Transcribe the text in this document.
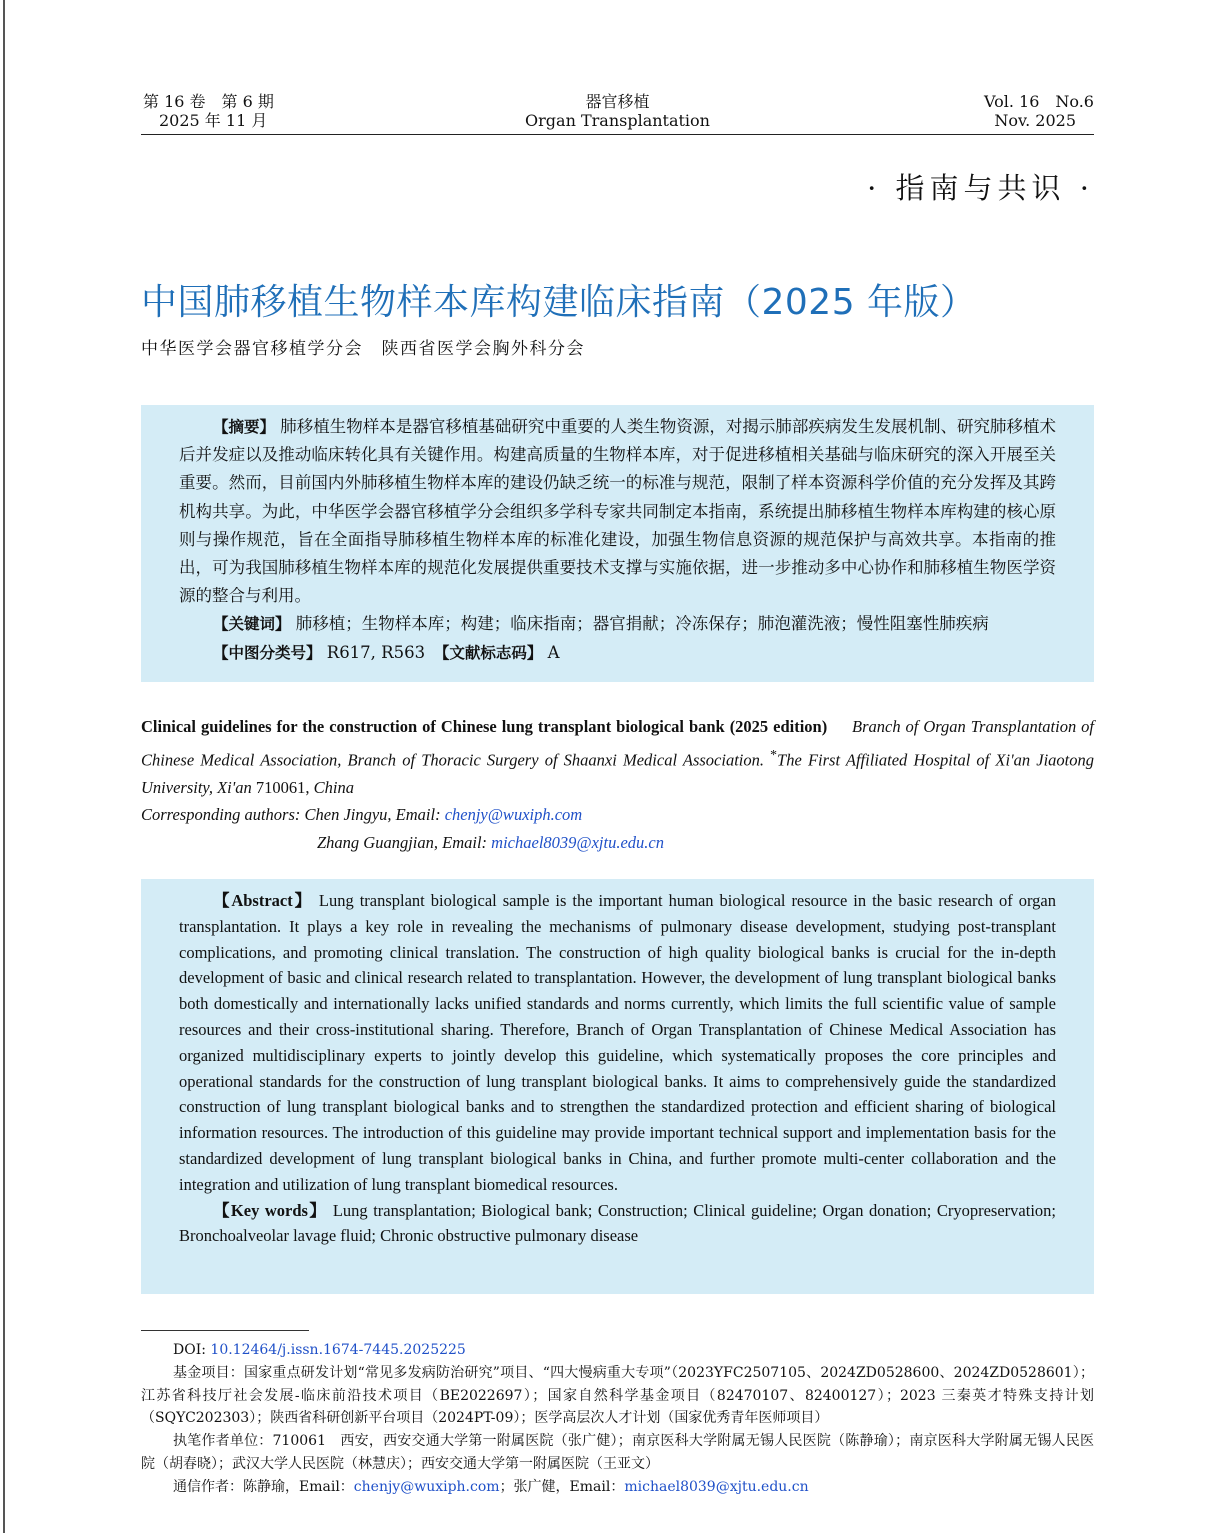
第 16 卷　第 6 期
2025 年 11 月
器官移植
Organ Transplantation
Vol. 16　No.6
Nov. 2025
· 指南与共识 ·
中国肺移植生物样本库构建临床指南（2025 年版）
中华医学会器官移植学分会　陕西省医学会胸外科分会

【摘要】 肺移植生物样本是器官移植基础研究中重要的人类生物资源，对揭示肺部疾病发生发展机制、研究肺移植术后并发症以及推动临床转化具有关键作用。构建高质量的生物样本库，对于促进移植相关基础与临床研究的深入开展至关重要。然而，目前国内外肺移植生物样本库的建设仍缺乏统一的标准与规范，限制了样本资源科学价值的充分发挥及其跨机构共享。为此，中华医学会器官移植学分会组织多学科专家共同制定本指南，系统提出肺移植生物样本库构建的核心原则与操作规范，旨在全面指导肺移植生物样本库的标准化建设，加强生物信息资源的规范保护与高效共享。本指南的推出，可为我国肺移植生物样本库的规范化发展提供重要技术支撑与实施依据，进一步推动多中心协作和肺移植生物医学资源的整合与利用。

【关键词】 肺移植；生物样本库；构建；临床指南；器官捐献；冷冻保存；肺泡灌洗液；慢性阻塞性肺疾病

【中图分类号】 R617, R563　 【文献标志码】 A

Clinical guidelines for the construction of Chinese lung transplant biological bank (2025 edition) Branch of Organ Transplantation of Chinese Medical Association, Branch of Thoracic Surgery of Shaanxi Medical Association. *The First Affiliated Hospital of Xi'an Jiaotong University, Xi'an 710061, China

Corresponding authors: Chen Jingyu, Email: chenjy@wuxiph.com

Zhang Guangjian, Email: michael8039@xjtu.edu.cn

【Abstract】 Lung transplant biological sample is the important human biological resource in the basic research of organ transplantation. It plays a key role in revealing the mechanisms of pulmonary disease development, studying post-transplant complications, and promoting clinical translation. The construction of high quality biological banks is crucial for the in-depth development of basic and clinical research related to transplantation. However, the development of lung transplant biological banks both domestically and internationally lacks unified standards and norms currently, which limits the full scientific value of sample resources and their cross-institutional sharing. Therefore, Branch of Organ Transplantation of Chinese Medical Association has organized multidisciplinary experts to jointly develop this guideline, which systematically proposes the core principles and operational standards for the construction of lung transplant biological banks. It aims to comprehensively guide the standardized construction of lung transplant biological banks and to strengthen the standardized protection and efficient sharing of biological information resources. The introduction of this guideline may provide important technical support and implementation basis for the standardized development of lung transplant biological banks in China, and further promote multi-center collaboration and the integration and utilization of lung transplant biomedical resources.

【Key words】 Lung transplantation; Biological bank; Construction; Clinical guideline; Organ donation; Cryopreservation; Bronchoalveolar lavage fluid; Chronic obstructive pulmonary disease

DOI: 10.12464/j.issn.1674-7445.2025225

基金项目：国家重点研发计划“常见多发病防治研究”项目、“四大慢病重大专项”（2023YFC2507105、2024ZD0528600、2024ZD0528601）；江苏省科技厅社会发展-临床前沿技术项目（BE2022697）；国家自然科学基金项目（82470107、82400127）；2023 三秦英才特殊支持计划（SQYC202303）；陕西省科研创新平台项目（2024PT-09）；医学高层次人才计划（国家优秀青年医师项目）

执笔作者单位：710061　西安，西安交通大学第一附属医院（张广健）；南京医科大学附属无锡人民医院（陈静瑜）；南京医科大学附属无锡人民医院（胡春晓）；武汉大学人民医院（林慧庆）；西安交通大学第一附属医院（王亚文）

通信作者：陈静瑜，Email：chenjy@wuxiph.com；张广健，Email：michael8039@xjtu.edu.cn
